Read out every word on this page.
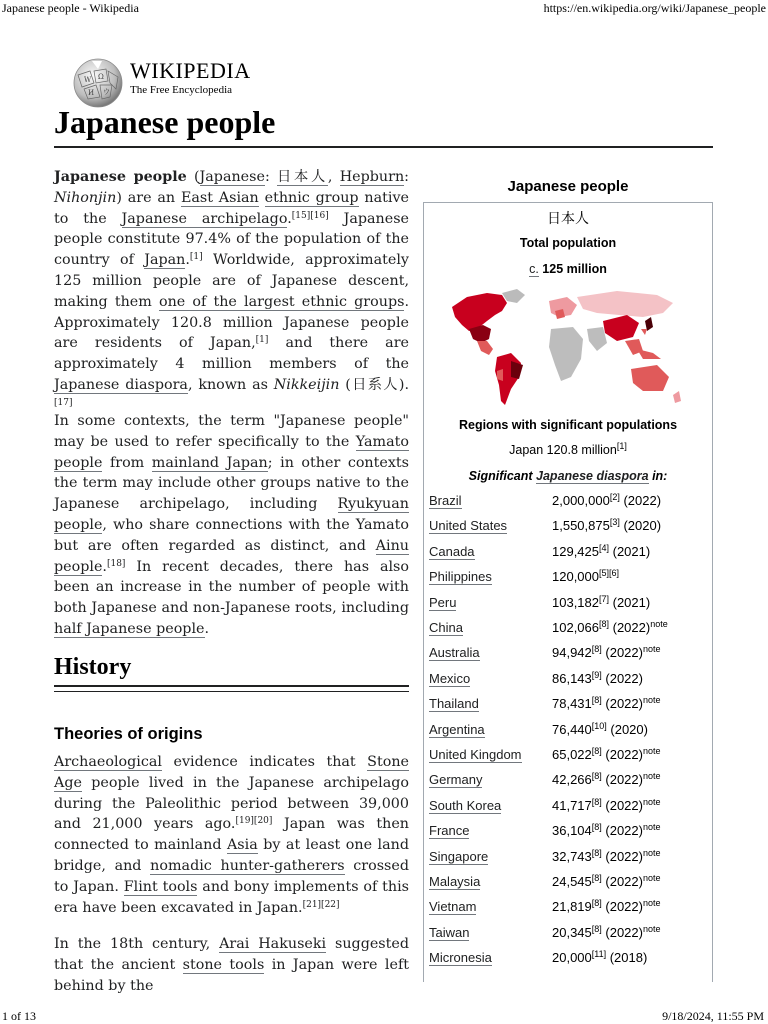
Japanese people - Wikipedia	https://en.wikipedia.org/wiki/Japanese_people
1 of 13	9/18/2024, 11:55 PM
W Ω
И ウ
WIKIPEDIA
The Free Encyclopedia
Japanese people
Japanese people (Japanese: 日本人, Hepburn: Nihonjin) are an East Asian ethnic group native to the Japanese archipelago.[15][16] Japanese people constitute 97.4% of the population of the country of Japan.[1] Worldwide, approximately 125 million people are of Japanese descent, making them one of the largest ethnic groups. Approximately 120.8 million Japanese people are residents of Japan,[1] and there are approximately 4 million members of the Japanese diaspora, known as Nikkeijin (日系人).[17]
In some contexts, the term "Japanese people" may be used to refer specifically to the Yamato people from mainland Japan; in other contexts the term may include other groups native to the Japanese archipelago, including Ryukyuan people, who share connections with the Yamato but are often regarded as distinct, and Ainu people.[18] In recent decades, there has also been an increase in the number of people with both Japanese and non-Japanese roots, including half Japanese people.
History
Theories of origins
Archaeological evidence indicates that Stone Age people lived in the Japanese archipelago during the Paleolithic period between 39,000 and 21,000 years ago.[19][20] Japan was then connected to mainland Asia by at least one land bridge, and nomadic hunter-gatherers crossed to Japan. Flint tools and bony implements of this era have been excavated in Japan.[21][22]
In the 18th century, Arai Hakuseki suggested that the ancient stone tools in Japan were left behind by the
Japanese people
日本人
Total population
c. 125 million
Regions with significant populations
Japan 120.8 million[1]
Significant Japanese diaspora in:
Brazil	2,000,000[2] (2022)
United States	1,550,875[3] (2020)
Canada	129,425[4] (2021)
Philippines	120,000[5][6]
Peru	103,182[7] (2021)
China	102,066[8] $(2022)^{note}$
Australia	94,942[8] $(2022)^{note}$
Mexico	86,143[9] (2022)
Thailand	78,431[8] $(2022)^{note}$
Argentina	76,440[10] (2020)
United Kingdom 65,022[8] $(2022)^{note}$
Germany	42,266[8] $(2022)^{note}$
South Korea	41,717[8] $(2022)^{note}$
France	36,104[8] $(2022)^{note}$
Singapore	32,743[8] $(2022)^{note}$
Malaysia	24,545[8] $(2022)^{note}$
Vietnam	21,819[8] $(2022)^{note}$
Taiwan	20,345[8] $(2022)^{note}$
Micronesia	20,000[11] (2018)
